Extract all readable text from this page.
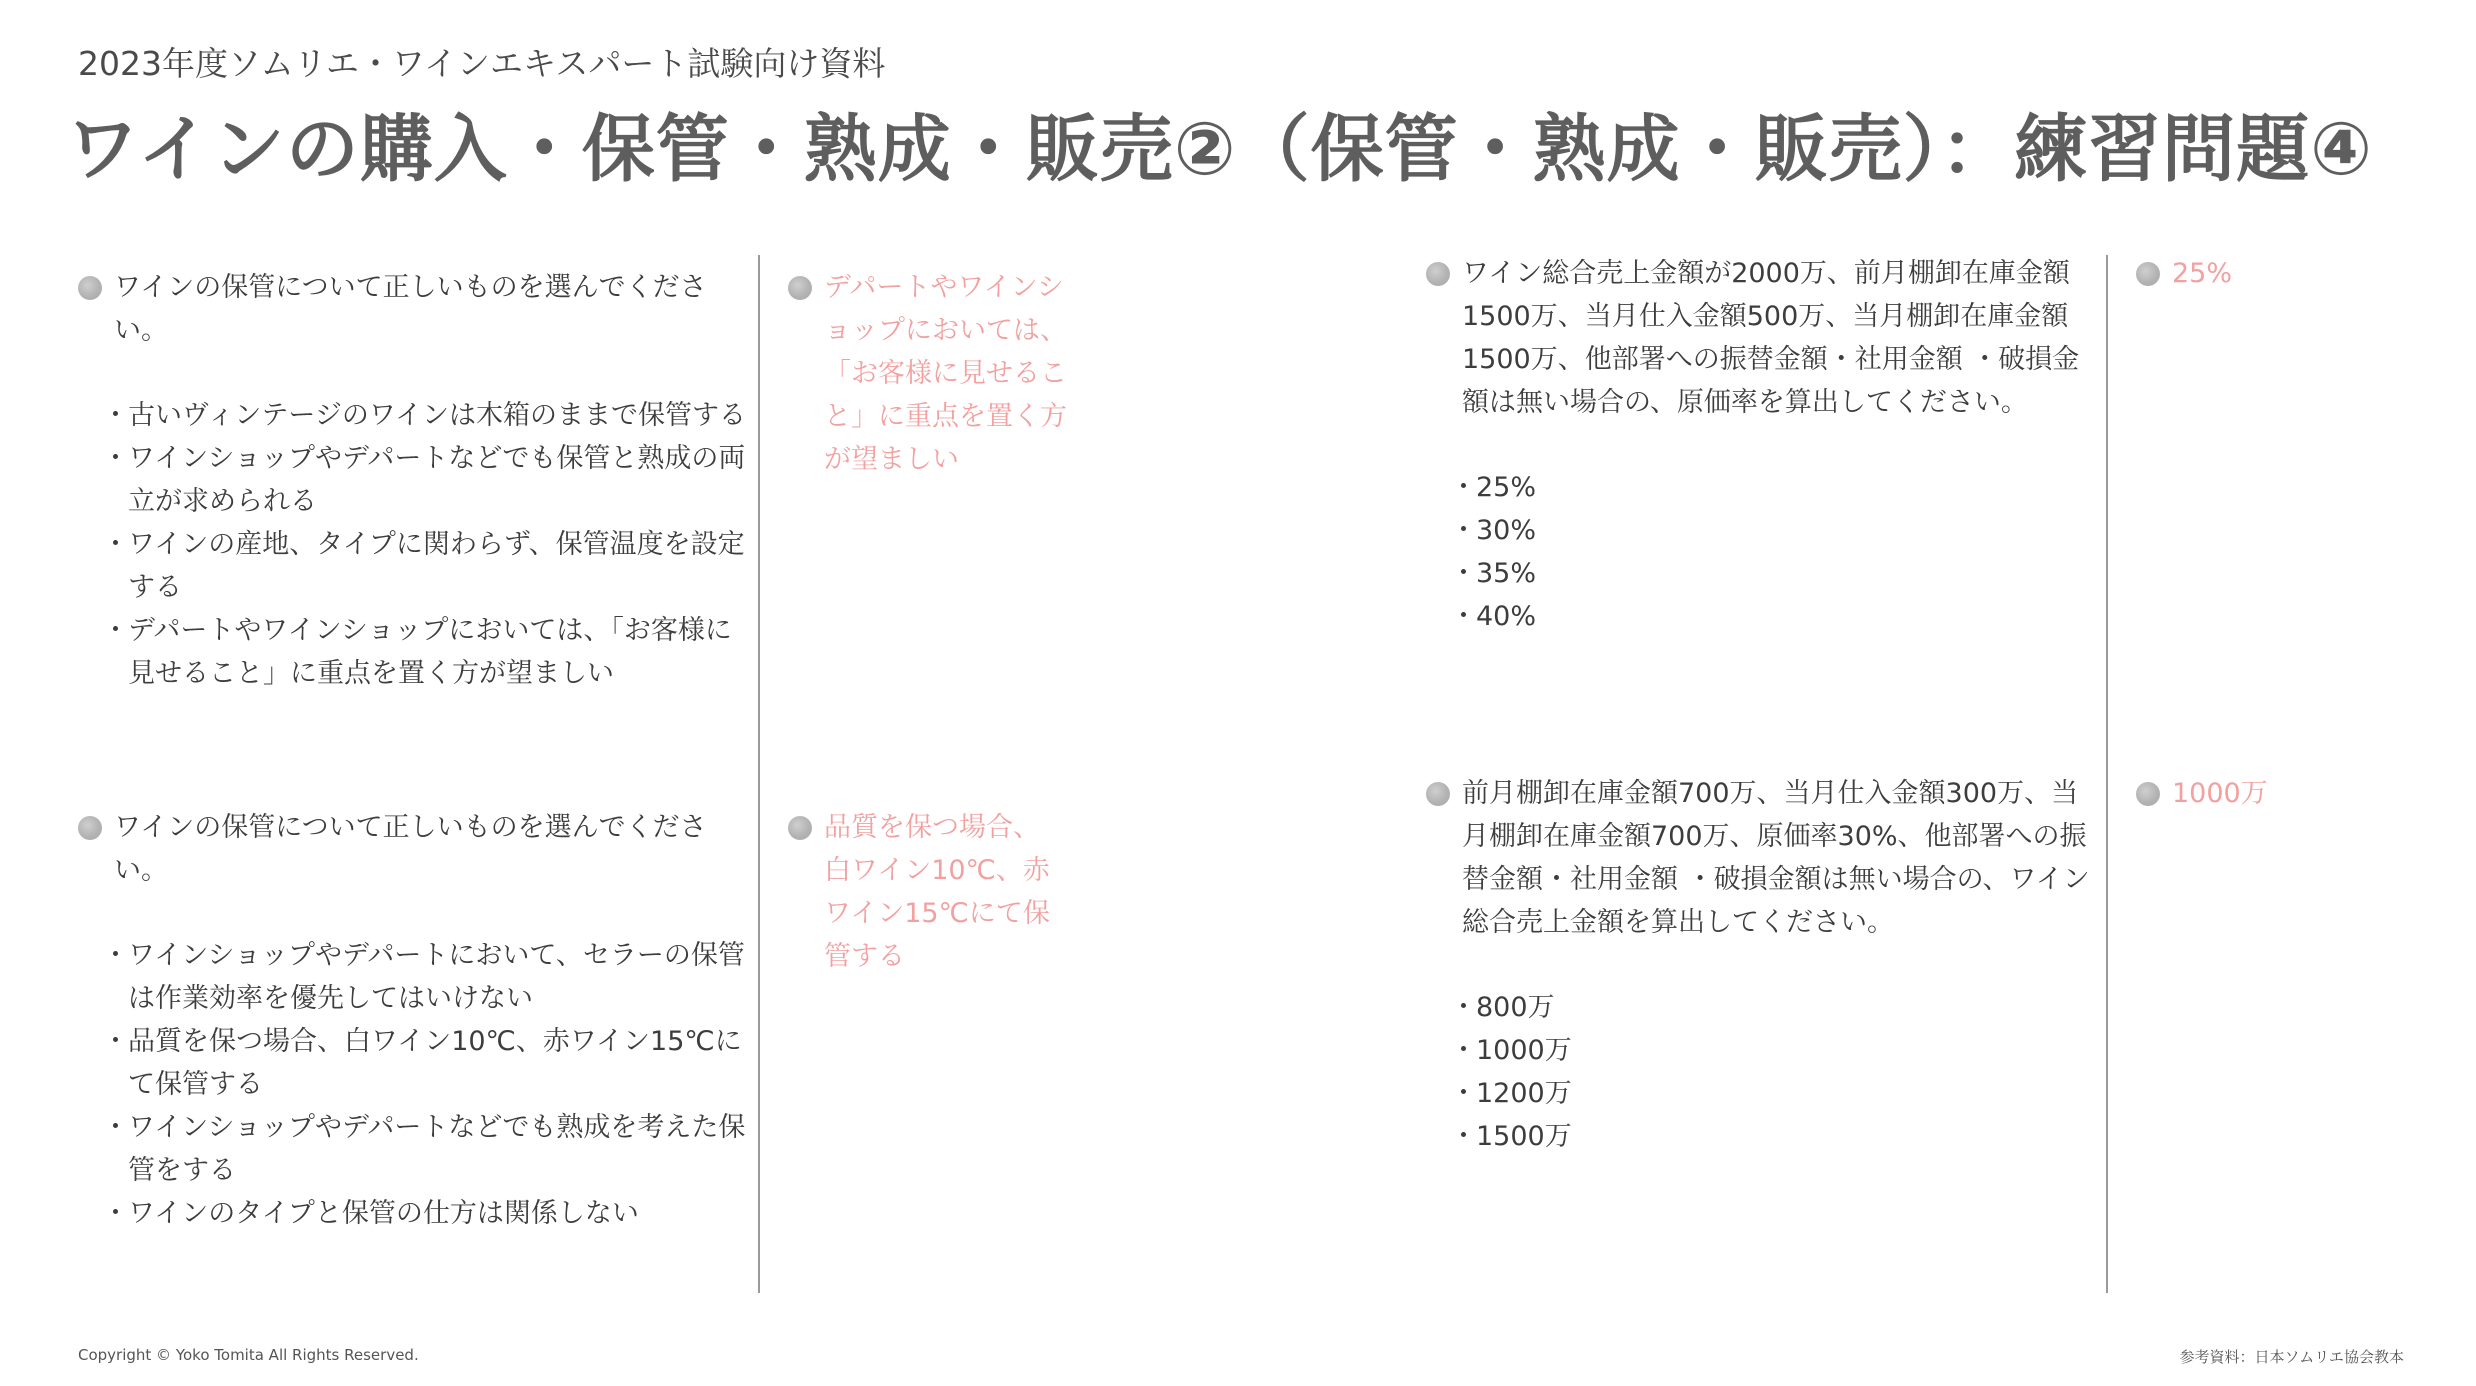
2023年度ソムリエ・ワインエキスパート試験向け資料
ワインの購入・保管・熟成・販売②（保管・熟成・販売）：練習問題④
ワインの保管について正しいものを選んでください。
・ 古いヴィンテージのワインは木箱のままで保管する
・ ワインショップやデパートなどでも保管と熟成の両立が求められる
・ ワインの産地、タイプに関わらず、保管温度を設定する
・ デパートやワインショップにおいては、「お客様に見せること」に重点を置く方が望ましい
デパートやワインショップにおいては、「お客様に見せること」に重点を置く方が望ましい
ワインの保管について正しいものを選んでください。
・ ワインショップやデパートにおいて、セラーの保管は作業効率を優先してはいけない
・ 品質を保つ場合、白ワイン10℃、赤ワイン15℃にて保管する
・ ワインショップやデパートなどでも熟成を考えた保管をする
・ ワインのタイプと保管の仕方は関係しない
品質を保つ場合、白ワイン10℃、赤ワイン15℃にて保管する
ワイン総合売上金額が2000万、前月棚卸在庫金額1500万、当月仕入金額500万、当月棚卸在庫金額1500万、他部署への振替金額・社用金額 ・破損金額は無い場合の、原価率を算出してください。
・ 25%
・ 30%
・ 35%
・ 40%
25%
前月棚卸在庫金額700万、当月仕入金額300万、当月棚卸在庫金額700万、原価率30%、他部署への振替金額・社用金額 ・破損金額は無い場合の、ワイン総合売上金額を算出してください。
・ 800万
・ 1000万
・ 1200万
・ 1500万
1000万
Copyright © Yoko Tomita All Rights Reserved.	参考資料：日本ソムリエ協会教本
